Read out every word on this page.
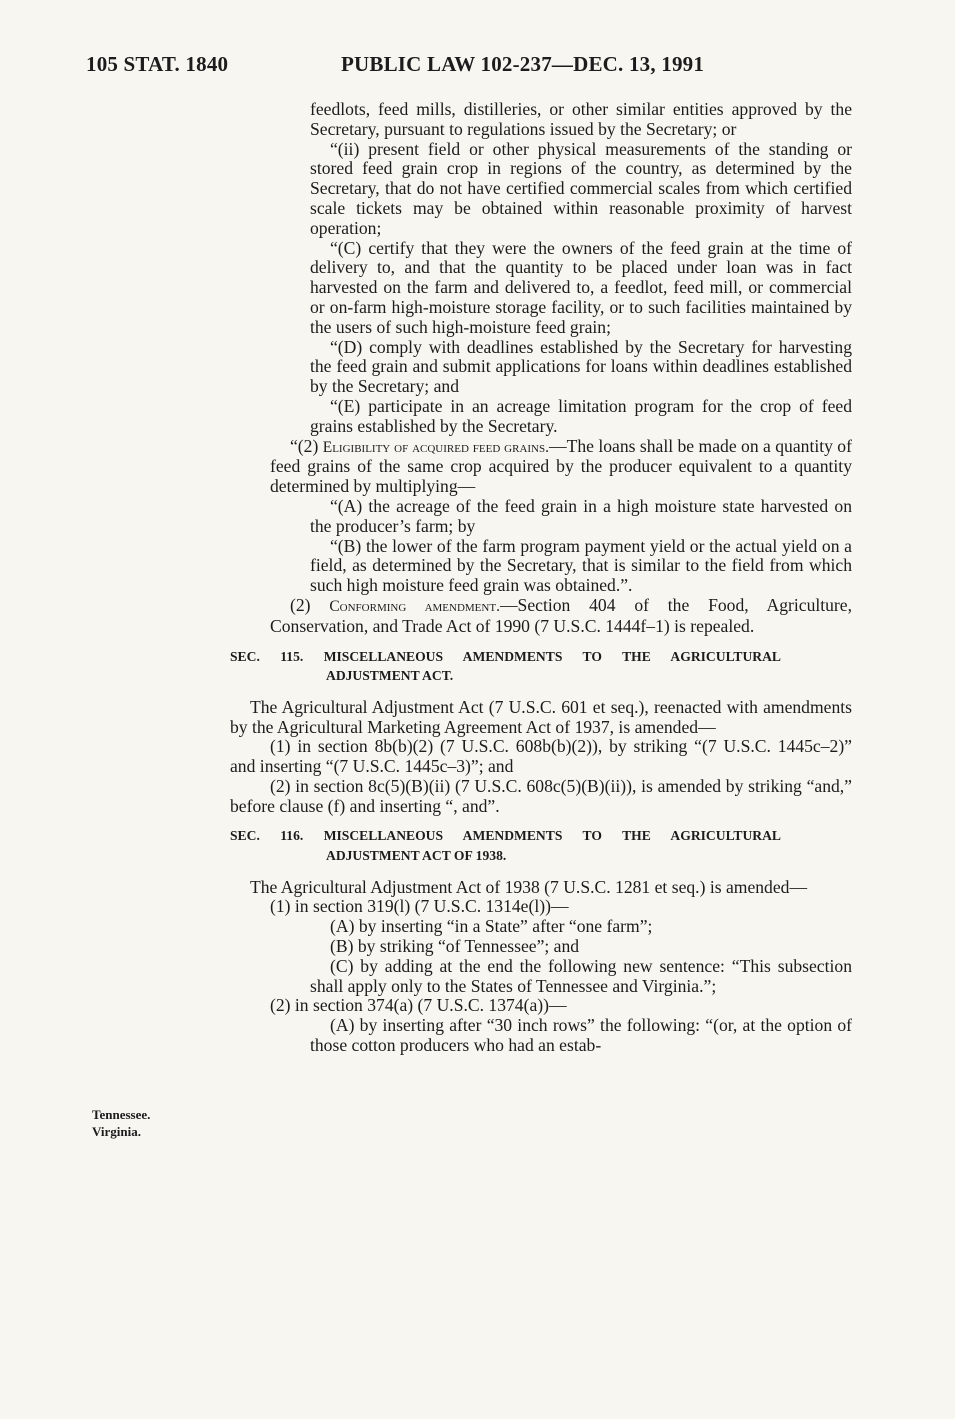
105 STAT. 1840	PUBLIC LAW 102-237—DEC. 13, 1991
Tennessee.
Virginia.

feedlots, feed mills, distilleries, or other similar entities approved by the Secretary, pursuant to regulations issued by the Secretary; or

“(ii) present field or other physical measurements of the standing or stored feed grain crop in regions of the country, as determined by the Secretary, that do not have certified commercial scales from which certified scale tickets may be obtained within reasonable proximity of harvest operation;

“(C) certify that they were the owners of the feed grain at the time of delivery to, and that the quantity to be placed under loan was in fact harvested on the farm and delivered to, a feedlot, feed mill, or commercial or on-farm high-moisture storage facility, or to such facilities maintained by the users of such high-moisture feed grain;

“(D) comply with deadlines established by the Secretary for harvesting the feed grain and submit applications for loans within deadlines established by the Secretary; and

“(E) participate in an acreage limitation program for the crop of feed grains established by the Secretary.

“(2) Eligibility of acquired feed grains.—The loans shall be made on a quantity of feed grains of the same crop acquired by the producer equivalent to a quantity determined by multiplying—

“(A) the acreage of the feed grain in a high moisture state harvested on the producer’s farm; by

“(B) the lower of the farm program payment yield or the actual yield on a field, as determined by the Secretary, that is similar to the field from which such high moisture feed grain was obtained.”.

(2) Conforming amendment.—Section 404 of the Food, Agriculture, Conservation, and Trade Act of 1990 (7 U.S.C. 1444f–1) is repealed.

SEC. 115. MISCELLANEOUS AMENDMENTS TO THE AGRICULTURAL
ADJUSTMENT ACT.

The Agricultural Adjustment Act (7 U.S.C. 601 et seq.), reenacted with amendments by the Agricultural Marketing Agreement Act of 1937, is amended—

(1) in section 8b(b)(2) (7 U.S.C. 608b(b)(2)), by striking “(7 U.S.C. 1445c–2)” and inserting “(7 U.S.C. 1445c–3)”; and

(2) in section 8c(5)(B)(ii) (7 U.S.C. 608c(5)(B)(ii)), is amended by striking “and,” before clause (f) and inserting “, and”.

SEC. 116. MISCELLANEOUS AMENDMENTS TO THE AGRICULTURAL
ADJUSTMENT ACT OF 1938.

The Agricultural Adjustment Act of 1938 (7 U.S.C. 1281 et seq.) is amended—

(1) in section 319(l) (7 U.S.C. 1314e(l))—

(A) by inserting “in a State” after “one farm”;

(B) by striking “of Tennessee”; and

(C) by adding at the end the following new sentence: “This subsection shall apply only to the States of Tennessee and Virginia.”;

(2) in section 374(a) (7 U.S.C. 1374(a))—

(A) by inserting after “30 inch rows” the following: “(or, at the option of those cotton producers who had an estab-
